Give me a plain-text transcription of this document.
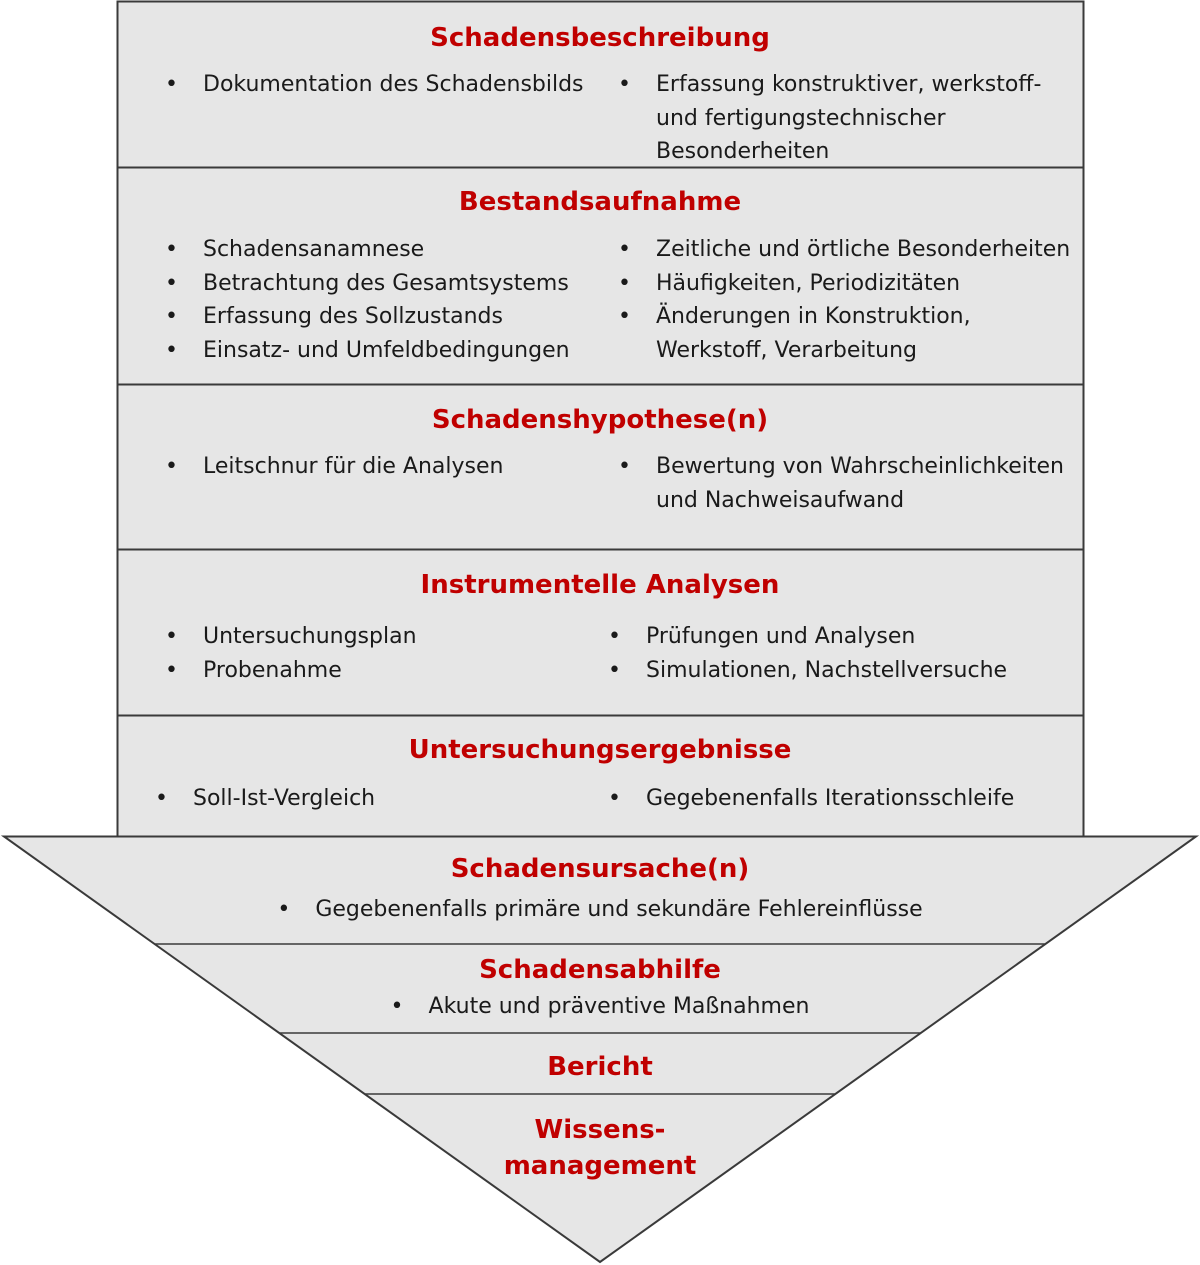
Schadensbeschreibung
• Dokumentation des Schadensbilds	• Erfassung konstruktiver, werkstoff- und fertigungstechnischer Besonderheiten
Bestandsaufnahme
• Schadensanamnese
• Betrachtung des Gesamtsystems
• Erfassung des Sollzustands
• Einsatz- und Umfeldbedingungen
• Zeitliche und örtliche Besonderheiten
• Häufigkeiten, Periodizitäten
• Änderungen in Konstruktion, Werkstoff, Verarbeitung
Schadenshypothese(n)
• Leitschnur für die Analysen	• Bewertung von Wahrscheinlichkeiten und Nachweisaufwand
Instrumentelle Analysen
• Untersuchungsplan
• Probenahme
• Prüfungen und Analysen
• Simulationen, Nachstellversuche
Untersuchungsergebnisse
• Soll-Ist-Vergleich	• Gegebenenfalls Iterationsschleife
Schadensursache(n)
• Gegebenenfalls primäre und sekundäre Fehlereinflüsse
Schadensabhilfe
• Akute und präventive Maßnahmen
Bericht
Wissens-
management
